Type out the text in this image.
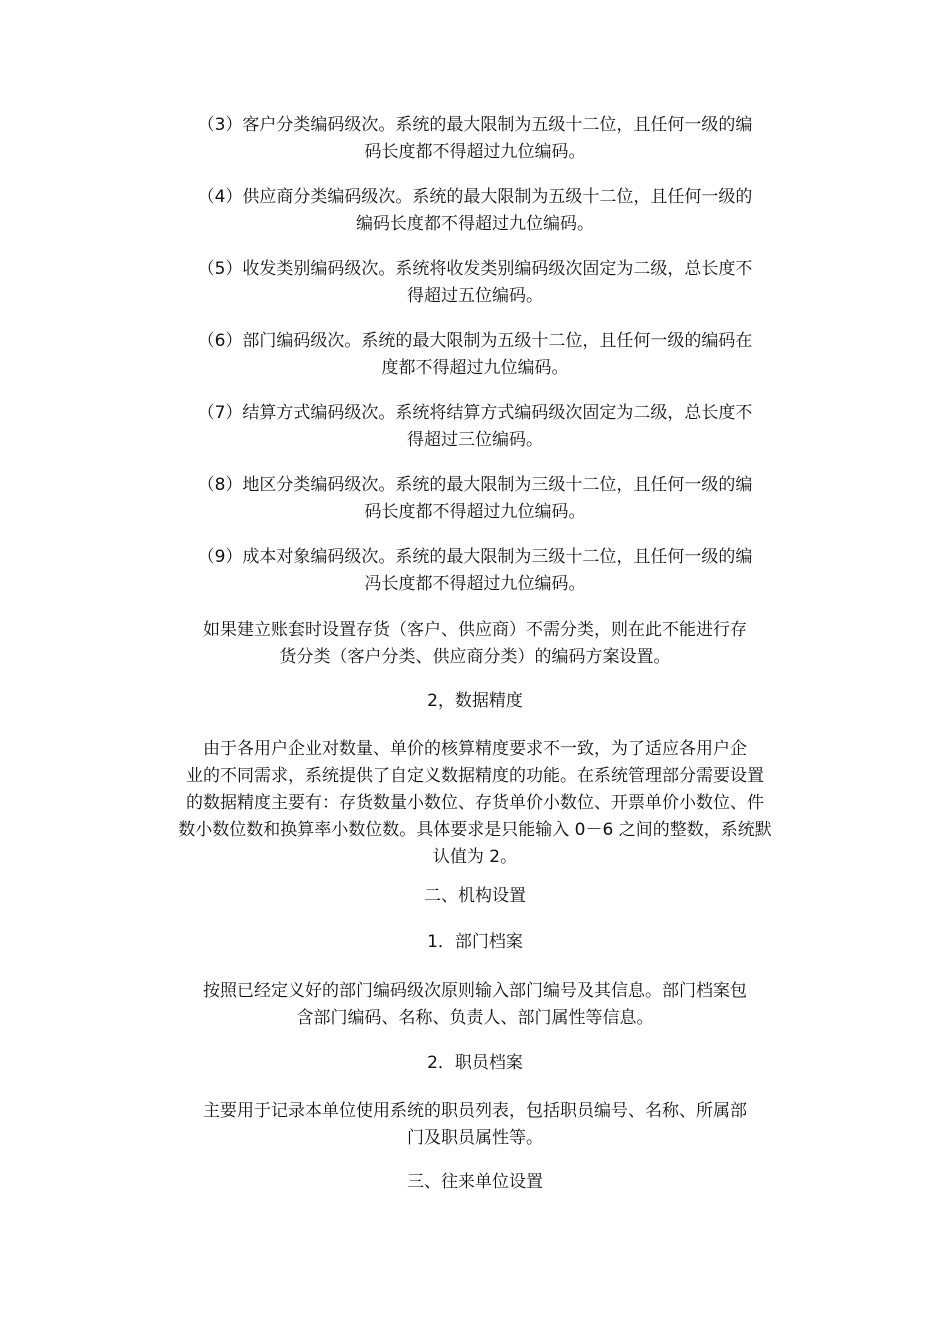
（3）客户分类编码级次。系统的最大限制为五级十二位，且任何一级的编
码长度都不得超过九位编码。

（4）供应商分类编码级次。系统的最大限制为五级十二位，且任何一级的
编码长度都不得超过九位编码。

（5）收发类别编码级次。系统将收发类别编码级次固定为二级，总长度不
得超过五位编码。

（6）部门编码级次。系统的最大限制为五级十二位，且任何一级的编码在
度都不得超过九位编码。

（7）结算方式编码级次。系统将结算方式编码级次固定为二级，总长度不
得超过三位编码。

（8）地区分类编码级次。系统的最大限制为三级十二位，且任何一级的编
码长度都不得超过九位编码。

（9）成本对象编码级次。系统的最大限制为三级十二位，且任何一级的编
冯长度都不得超过九位编码。

如果建立账套时设置存货（客户、供应商）不需分类，则在此不能进行存
货分类（客户分类、供应商分类）的编码方案设置。

2，数据精度

由于各用户企业对数量、单价的核算精度要求不一致，为了适应各用户企
业的不同需求，系统提供了自定义数据精度的功能。在系统管理部分需要设置
的数据精度主要有：存货数量小数位、存货单价小数位、开票单价小数位、件
数小数位数和换算率小数位数。具体要求是只能输入 0－6 之间的整数，系统默
认值为 2。

二、机构设置

1．部门档案

按照已经定义好的部门编码级次原则输入部门编号及其信息。部门档案包
含部门编码、名称、负责人、部门属性等信息。

2．职员档案

主要用于记录本单位使用系统的职员列表，包括职员编号、名称、所属部
门及职员属性等。

三、往来单位设置
